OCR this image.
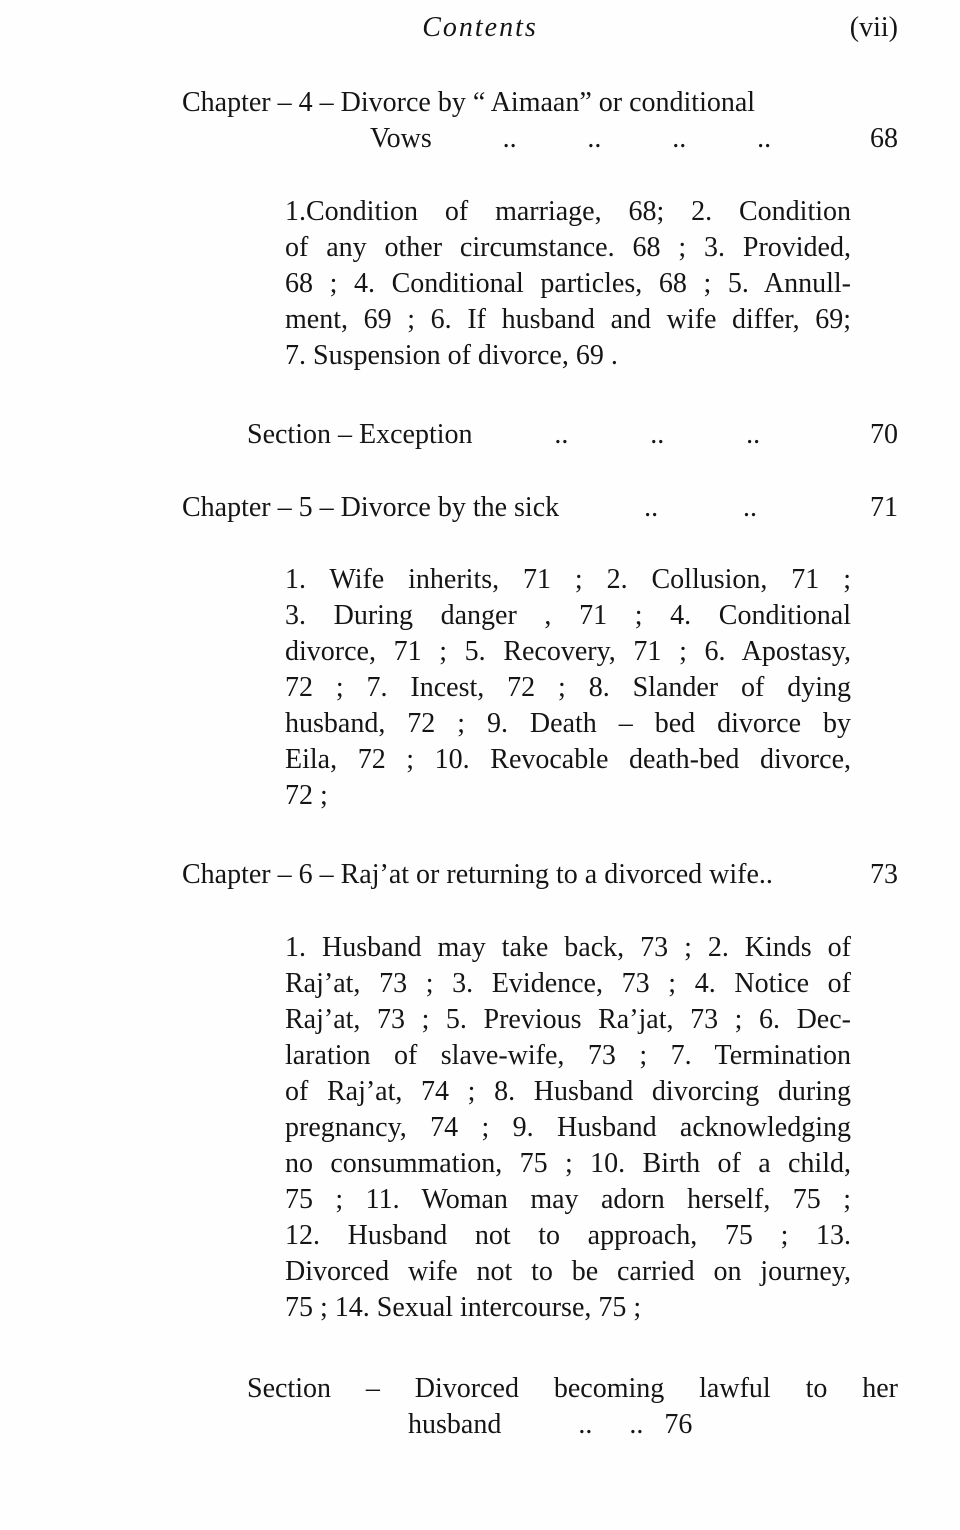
Contents	(vii)
Chapter – 4 – Divorce by “ Aimaan” or conditional
Vows	..	..	..	..	68
1.Condition of marriage, 68; 2. Condition
of any other circumstance. 68 ; 3. Provided,
68 ; 4. Conditional particles, 68 ; 5. Annull-
ment, 69 ; 6. If husband and wife differ, 69;
7. Suspension of divorce, 69 .
Section – Exception	..	..	..	70
Chapter – 5 – Divorce by the sick	..	..	71
1. Wife inherits, 71 ; 2. Collusion, 71 ;
3. During danger , 71 ; 4. Conditional
divorce, 71 ; 5. Recovery, 71 ; 6. Apostasy,
72 ; 7. Incest, 72 ; 8. Slander of dying
husband, 72 ; 9. Death – bed divorce by
Eila, 72 ; 10. Revocable death-bed divorce,
72 ;
Chapter – 6 – Raj’at or returning to a divorced wife..	73
1. Husband may take back, 73 ; 2. Kinds of
Raj’at, 73 ; 3. Evidence, 73 ; 4. Notice of
Raj’at, 73 ; 5. Previous Ra’jat, 73 ; 6. Dec-
laration of slave-wife, 73 ; 7. Termination
of Raj’at, 74 ; 8. Husband divorcing during
pregnancy, 74 ; 9. Husband acknowledging
no consummation, 75 ; 10. Birth of a child,
75 ; 11. Woman may adorn herself, 75 ;
12. Husband not to approach, 75 ; 13.
Divorced wife not to be carried on journey,
75 ; 14. Sexual intercourse, 75 ;
Section – Divorced becoming lawful to her
husband	.. .. 76
